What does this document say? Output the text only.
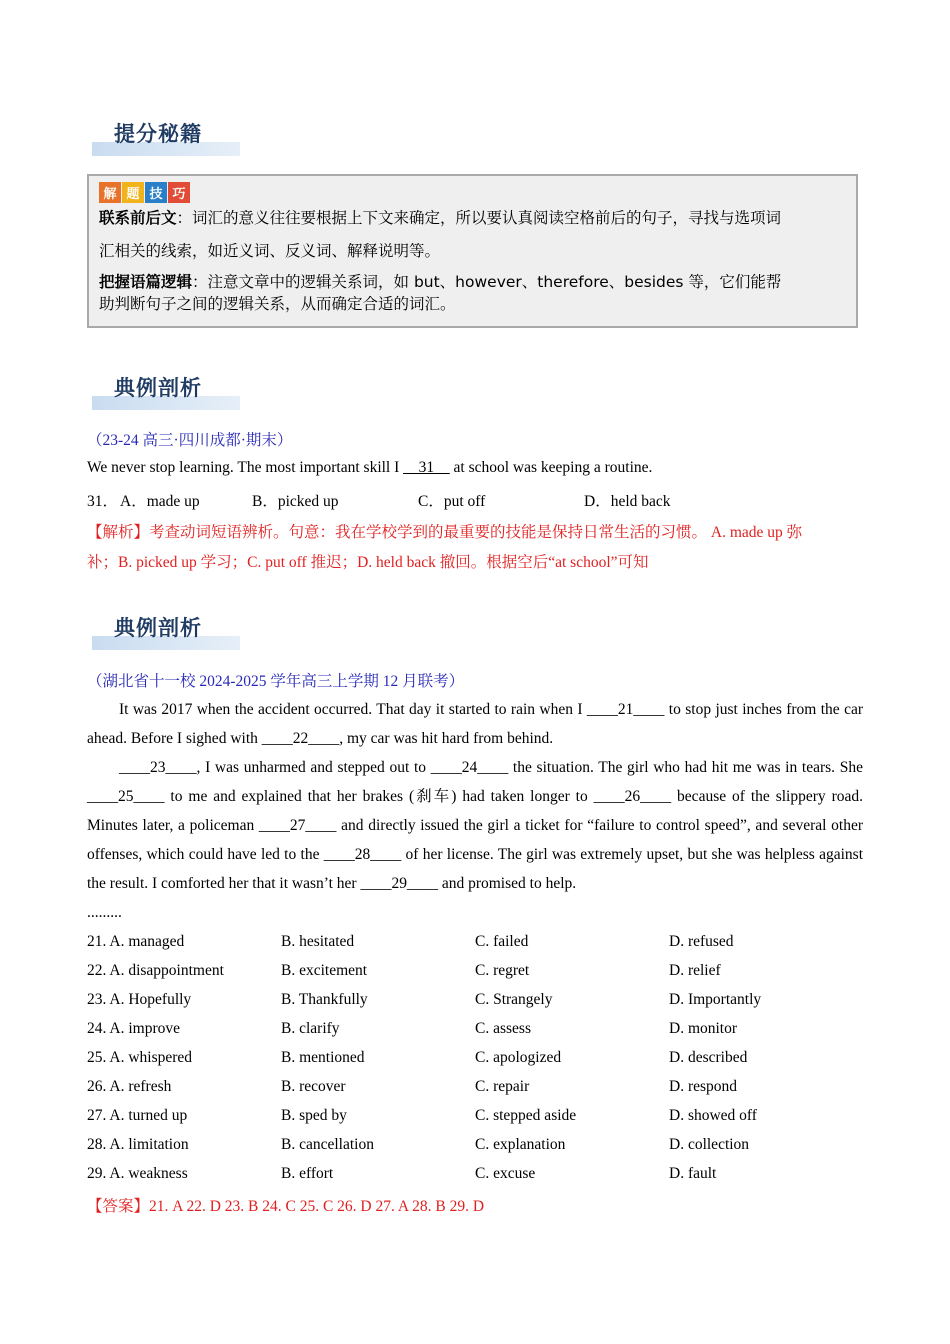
提分秘籍
解 题 技 巧
联系前后文：词汇的意义往往要根据上下文来确定，所以要认真阅读空格前后的句子，寻找与选项词
汇相关的线索，如近义词、反义词、解释说明等。
把握语篇逻辑：注意文章中的逻辑关系词，如 but、however、therefore、besides 等，它们能帮
助判断句子之间的逻辑关系，从而确定合适的词汇。
典例剖析
（23-24 高三·四川成都·期末）
We never stop learning. The most important skill I __31__ at school was keeping a routine.
31． A．made up	B．picked up	C．put off	D．held back
【解析】考查动词短语辨析。句意：我在学校学到的最重要的技能是保持日常生活的习惯。 A. made up 弥
补；B. picked up 学习；C. put off 推迟；D. held back 撤回。根据空后“at school”可知
典例剖析
（湖北省十一校 2024-2025 学年高三上学期 12 月联考）
It was 2017 when the accident occurred. That day it started to rain when I ____21____ to stop just inches from the car ahead. Before I sighed with ____22____, my car was hit hard from behind.
____23____, I was unharmed and stepped out to ____24____ the situation. The girl who had hit me was in tears. She ____25____ to me and explained that her brakes (刹车) had taken longer to ____26____ because of the slippery road. Minutes later, a policeman ____27____ and directly issued the girl a ticket for “failure to control speed”, and several other offenses, which could have led to the ____28____ of her license. The girl was extremely upset, but she was helpless against the result. I comforted her that it wasn’t her ____29____ and promised to help.
.........
21. A. managed	B. hesitated	C. failed	D. refused
22. A. disappointment	B. excitement	C. regret	D. relief
23. A. Hopefully	B. Thankfully	C. Strangely	D. Importantly
24. A. improve	B. clarify	C. assess	D. monitor
25. A. whispered	B. mentioned	C. apologized	D. described
26. A. refresh	B. recover	C. repair	D. respond
27. A. turned up	B. sped by	C. stepped aside	D. showed off
28. A. limitation	B. cancellation	C. explanation	D. collection
29. A. weakness	B. effort	C. excuse	D. fault
【答案】21. A 22. D 23. B 24. C 25. C 26. D 27. A 28. B 29. D
